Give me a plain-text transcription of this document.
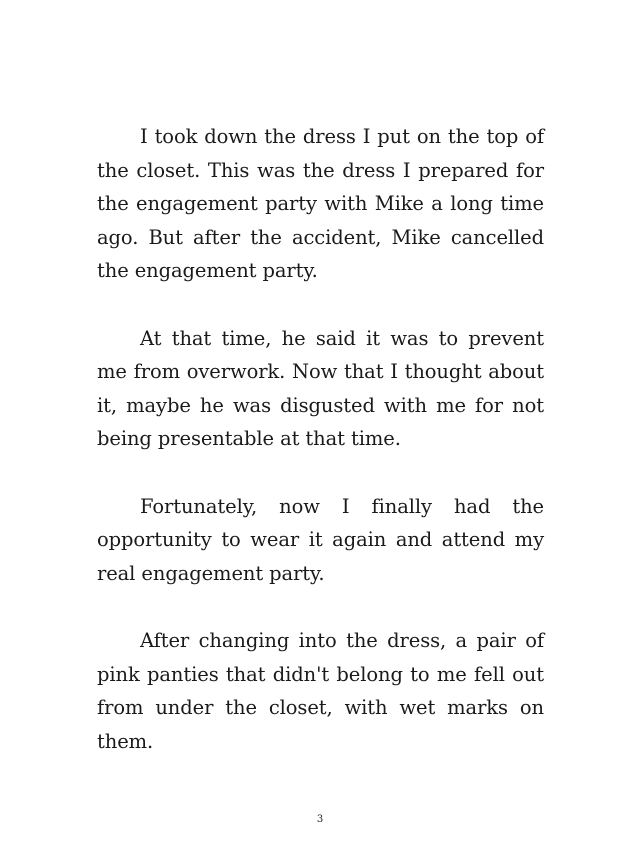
I took down the dress I put on the top of the closet. This was the dress I prepared for the engagement party with Mike a long time ago. But after the accident, Mike cancelled the engagement party.

At that time, he said it was to prevent me from overwork. Now that I thought about it, maybe he was disgusted with me for not being presentable at that time.

Fortunately, now I finally had the opportunity to wear it again and attend my real engagement party.

After changing into the dress, a pair of pink panties that didn't belong to me fell out from under the closet, with wet marks on them.

3
